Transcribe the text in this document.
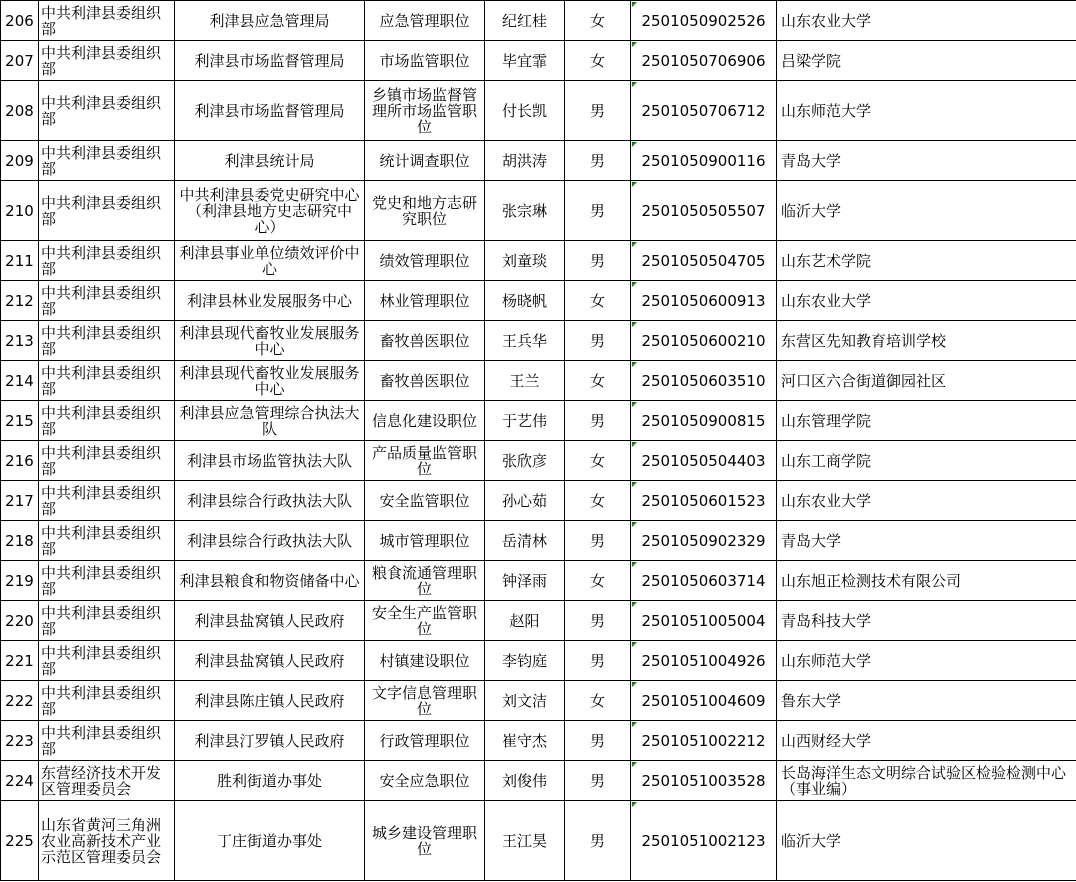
206	中共利津县委组织部	利津县应急管理局	应急管理职位	纪红桂	女	2501050902526	山东农业大学
207	中共利津县委组织部	利津县市场监督管理局	市场监管职位	毕宜霏	女	2501050706906	吕梁学院
208	中共利津县委组织部	利津县市场监督管理局	乡镇市场监督管理所市场监管职位	付长凯	男	2501050706712	山东师范大学
209	中共利津县委组织部	利津县统计局	统计调查职位	胡洪涛	男	2501050900116	青岛大学
210	中共利津县委组织部	中共利津县委党史研究中心（利津县地方史志研究中心）	党史和地方志研究职位	张宗琳	男	2501050505507	临沂大学
211	中共利津县委组织部	利津县事业单位绩效评价中心	绩效管理职位	刘童琰	男	2501050504705	山东艺术学院
212	中共利津县委组织部	利津县林业发展服务中心	林业管理职位	杨晓帆	女	2501050600913	山东农业大学
213	中共利津县委组织部	利津县现代畜牧业发展服务中心	畜牧兽医职位	王兵华	男	2501050600210	东营区先知教育培训学校
214	中共利津县委组织部	利津县现代畜牧业发展服务中心	畜牧兽医职位	王兰	女	2501050603510	河口区六合街道御园社区
215	中共利津县委组织部	利津县应急管理综合执法大队	信息化建设职位	于艺伟	男	2501050900815	山东管理学院
216	中共利津县委组织部	利津县市场监管执法大队	产品质量监管职位	张欣彦	女	2501050504403	山东工商学院
217	中共利津县委组织部	利津县综合行政执法大队	安全监管职位	孙心茹	女	2501050601523	山东农业大学
218	中共利津县委组织部	利津县综合行政执法大队	城市管理职位	岳清林	男	2501050902329	青岛大学
219	中共利津县委组织部	利津县粮食和物资储备中心	粮食流通管理职位	钟泽雨	女	2501050603714	山东旭正检测技术有限公司
220	中共利津县委组织部	利津县盐窝镇人民政府	安全生产监管职位	赵阳	男	2501051005004	青岛科技大学
221	中共利津县委组织部	利津县盐窝镇人民政府	村镇建设职位	李钧庭	男	2501051004926	山东师范大学
222	中共利津县委组织部	利津县陈庄镇人民政府	文字信息管理职位	刘文洁	女	2501051004609	鲁东大学
223	中共利津县委组织部	利津县汀罗镇人民政府	行政管理职位	崔守杰	男	2501051002212	山西财经大学
224	东营经济技术开发区管理委员会	胜利街道办事处	安全应急职位	刘俊伟	男	2501051003528	长岛海洋生态文明综合试验区检验检测中心（事业编）
225	山东省黄河三角洲农业高新技术产业示范区管理委员会	丁庄街道办事处	城乡建设管理职位	王江昊	男	2501051002123	临沂大学
